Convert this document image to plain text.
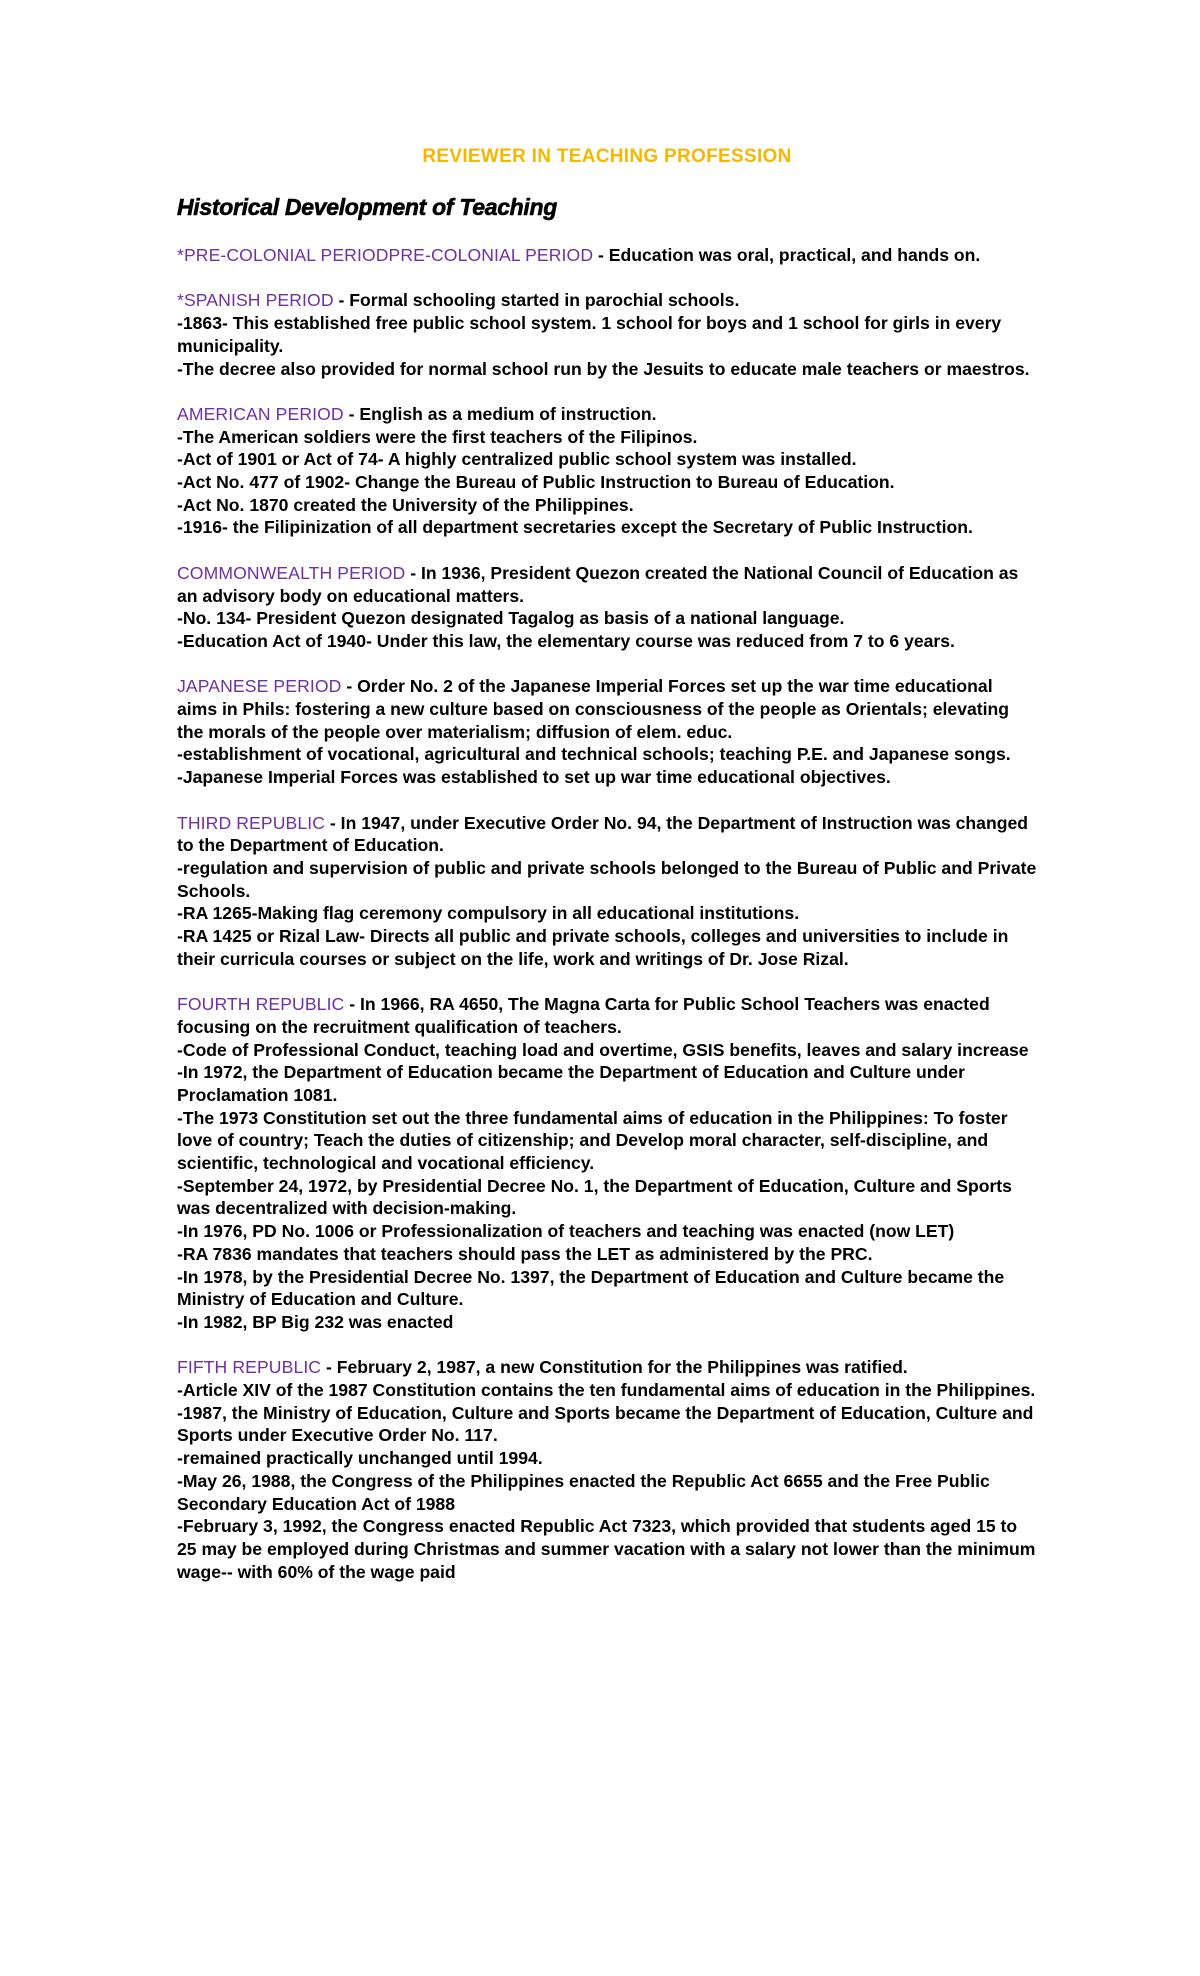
REVIEWER IN TEACHING PROFESSION
Historical Development of Teaching
*PRE-COLONIAL PERIODPRE-COLONIAL PERIOD - Education was oral, practical, and hands on.
*SPANISH PERIOD - Formal schooling started in parochial schools.
-1863- This established free public school system. 1 school for boys and 1 school for girls in every municipality.
-The decree also provided for normal school run by the Jesuits to educate male teachers or maestros.
AMERICAN PERIOD - English as a medium of instruction.
-The American soldiers were the first teachers of the Filipinos.
-Act of 1901 or Act of 74- A highly centralized public school system was installed.
-Act No. 477 of 1902- Change the Bureau of Public Instruction to Bureau of Education.
-Act No. 1870 created the University of the Philippines.
-1916- the Filipinization of all department secretaries except the Secretary of Public Instruction.
COMMONWEALTH PERIOD - In 1936, President Quezon created the National Council of Education as an advisory body on educational matters.
-No. 134- President Quezon designated Tagalog as basis of a national language.
-Education Act of 1940- Under this law, the elementary course was reduced from 7 to 6 years.
JAPANESE PERIOD - Order No. 2 of the Japanese Imperial Forces set up the war time educational aims in Phils: fostering a new culture based on consciousness of the people as Orientals; elevating the morals of the people over materialism; diffusion of elem. educ.
-establishment of vocational, agricultural and technical schools; teaching P.E. and Japanese songs.
-Japanese Imperial Forces was established to set up war time educational objectives.
THIRD REPUBLIC - In 1947, under Executive Order No. 94, the Department of Instruction was changed to the Department of Education.
-regulation and supervision of public and private schools belonged to the Bureau of Public and Private Schools.
-RA 1265-Making flag ceremony compulsory in all educational institutions.
-RA 1425 or Rizal Law- Directs all public and private schools, colleges and universities to include in their curricula courses or subject on the life, work and writings of Dr. Jose Rizal.
FOURTH REPUBLIC - In 1966, RA 4650, The Magna Carta for Public School Teachers was enacted focusing on the recruitment qualification of teachers.
-Code of Professional Conduct, teaching load and overtime, GSIS benefits, leaves and salary increase
-In 1972, the Department of Education became the Department of Education and Culture under Proclamation 1081.
-The 1973 Constitution set out the three fundamental aims of education in the Philippines: To foster love of country; Teach the duties of citizenship; and Develop moral character, self-discipline, and scientific, technological and vocational efficiency.
-September 24, 1972, by Presidential Decree No. 1, the Department of Education, Culture and Sports was decentralized with decision-making.
-In 1976, PD No. 1006 or Professionalization of teachers and teaching was enacted (now LET)
-RA 7836 mandates that teachers should pass the LET as administered by the PRC.
-In 1978, by the Presidential Decree No. 1397, the Department of Education and Culture became the Ministry of Education and Culture.
-In 1982, BP Big 232 was enacted
FIFTH REPUBLIC - February 2, 1987, a new Constitution for the Philippines was ratified.
-Article XIV of the 1987 Constitution contains the ten fundamental aims of education in the Philippines.
-1987, the Ministry of Education, Culture and Sports became the Department of Education, Culture and Sports under Executive Order No. 117.
-remained practically unchanged until 1994.
-May 26, 1988, the Congress of the Philippines enacted the Republic Act 6655 and the Free Public Secondary Education Act of 1988
-February 3, 1992, the Congress enacted Republic Act 7323, which provided that students aged 15 to 25 may be employed during Christmas and summer vacation with a salary not lower than the minimum wage-- with 60% of the wage paid
